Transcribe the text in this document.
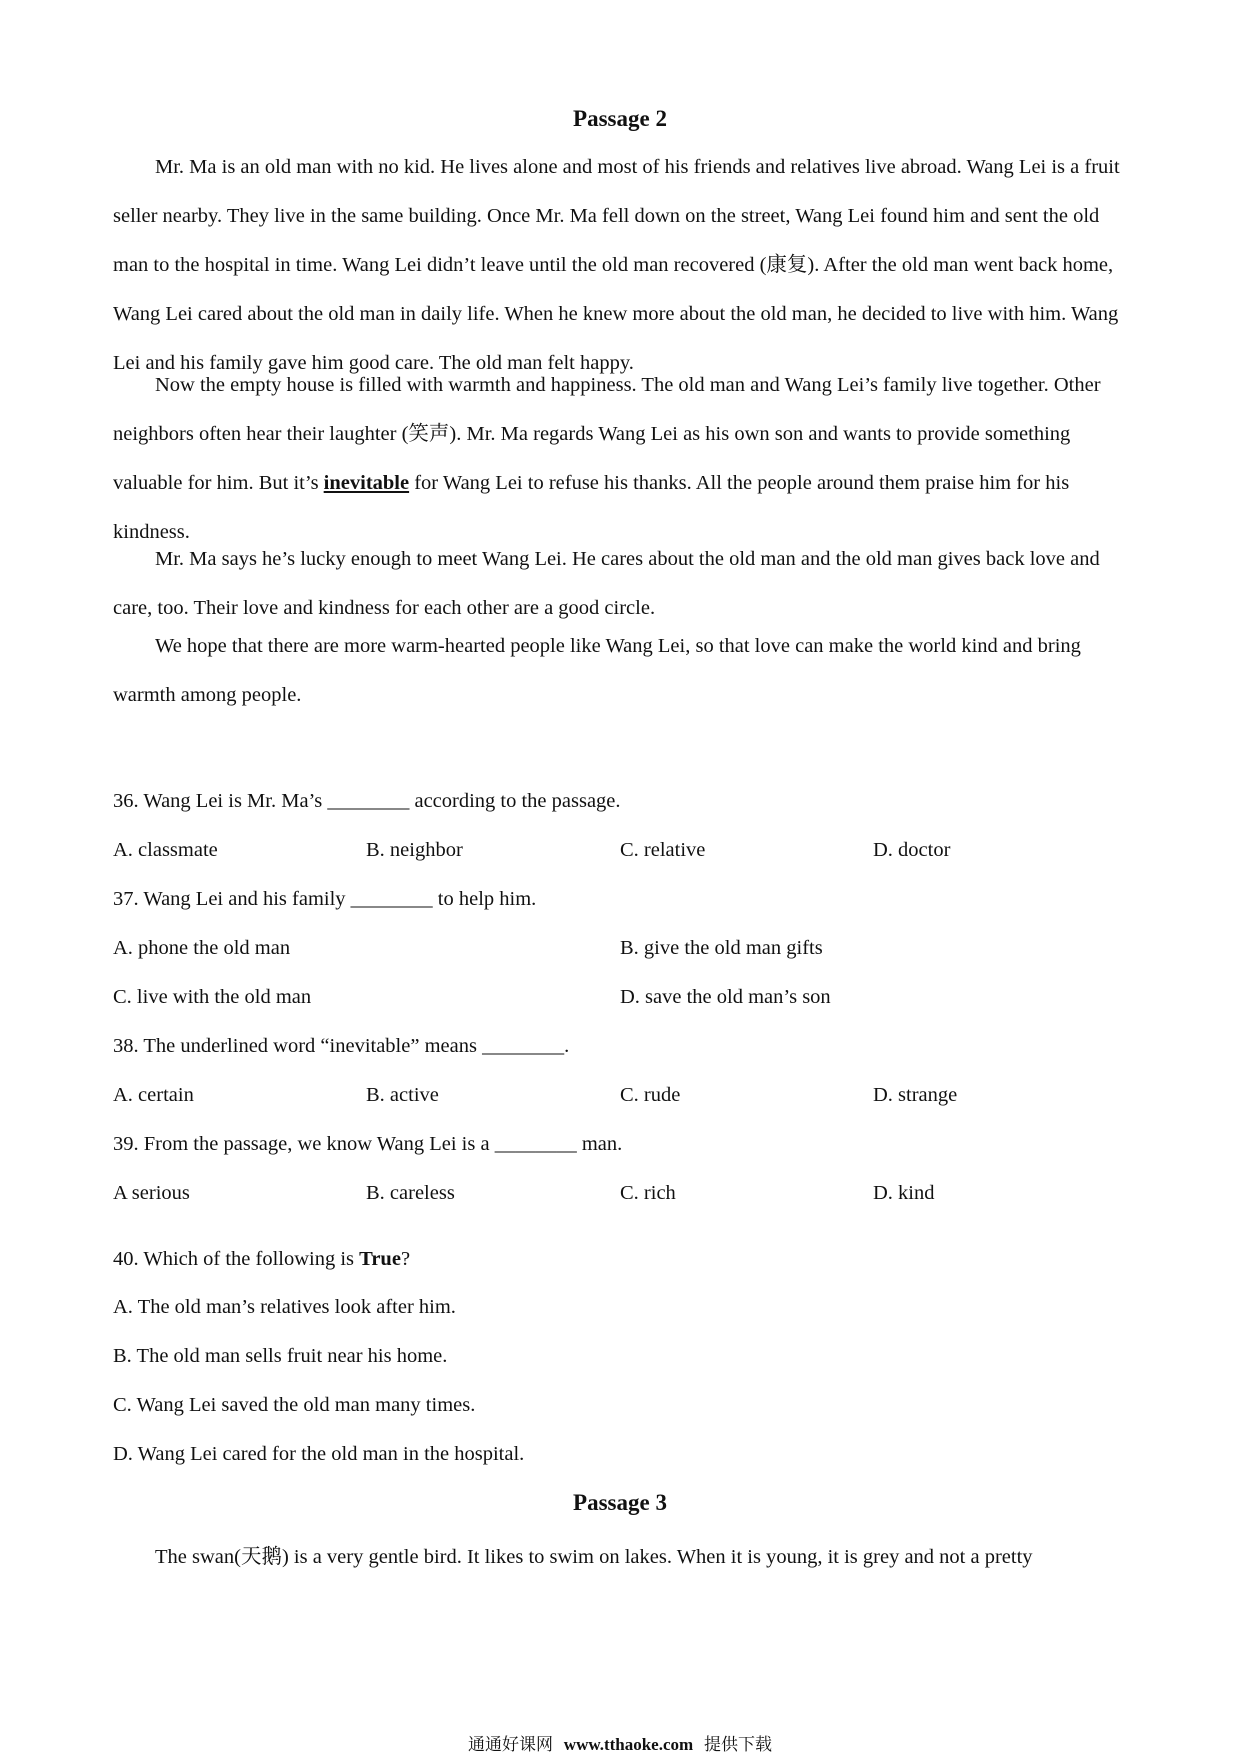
Passage 2

Mr. Ma is an old man with no kid. He lives alone and most of his friends and relatives live abroad. Wang Lei is a fruit seller nearby. They live in the same building. Once Mr. Ma fell down on the street, Wang Lei found him and sent the old man to the hospital in time. Wang Lei didn’t leave until the old man recovered (康复). After the old man went back home, Wang Lei cared about the old man in daily life. When he knew more about the old man, he decided to live with him. Wang Lei and his family gave him good care. The old man felt happy.

Now the empty house is filled with warmth and happiness. The old man and Wang Lei’s family live together. Other neighbors often hear their laughter (笑声). Mr. Ma regards Wang Lei as his own son and wants to provide something valuable for him. But it’s inevitable for Wang Lei to refuse his thanks. All the people around them praise him for his kindness.

Mr. Ma says he’s lucky enough to meet Wang Lei. He cares about the old man and the old man gives back love and care, too. Their love and kindness for each other are a good circle.

We hope that there are more warm-hearted people like Wang Lei, so that love can make the world kind and bring warmth among people.

36. Wang Lei is Mr. Ma’s ________ according to the passage.
A. classmate	B. neighbor	C. relative	D. doctor
37. Wang Lei and his family ________ to help him.
A. phone the old man	B. give the old man gifts
C. live with the old man	D. save the old man’s son
38. The underlined word “inevitable” means ________.
A. certain	B. active	C. rude	D. strange
39. From the passage, we know Wang Lei is a ________ man.
A serious	B. careless	C. rich	D. kind
40. Which of the following is True?
A. The old man’s relatives look after him.
B. The old man sells fruit near his home.
C. Wang Lei saved the old man many times.
D. Wang Lei cared for the old man in the hospital.
Passage 3
The swan(天鹅) is a very gentle bird. It likes to swim on lakes. When it is young, it is grey and not a pretty
通通好课网 www.tthaoke.com 提供下载
